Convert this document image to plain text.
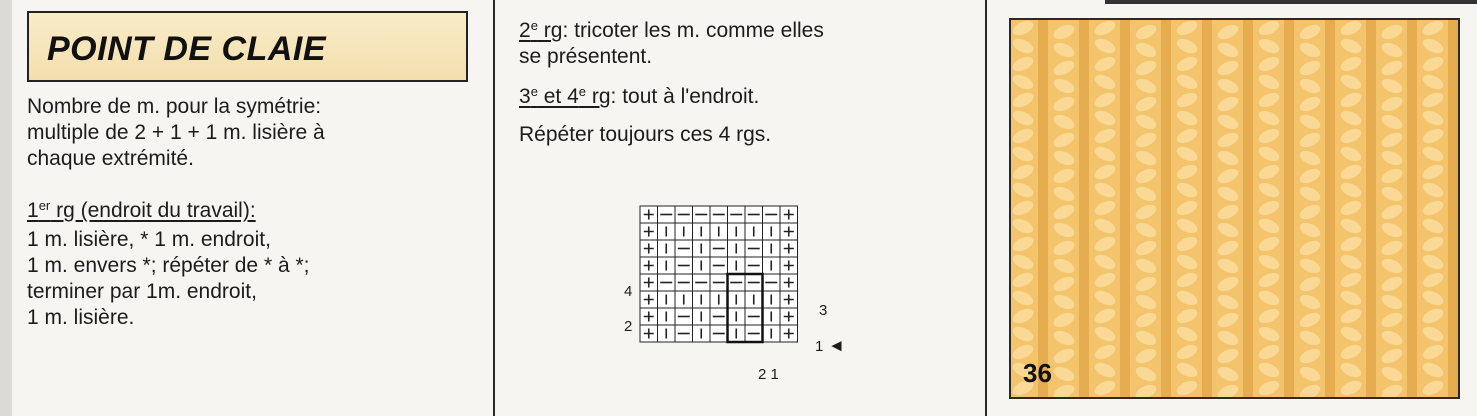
POINT DE CLAIE
Nombre de m. pour la symétrie:
multiple de 2 + 1 + 1 m. lisière à
chaque extrémité.
1er rg (endroit du travail):
1 m. lisière, * 1 m. endroit,
1 m. envers *; répéter de * à *;
terminer par 1m. endroit,
1 m. lisière.
2e rg: tricoter les m. comme elles
se présentent.
3e et 4e rg: tout à l'endroit.
Répéter toujours ces 4 rgs.
4
2
3
1 ◄
2 1	36
